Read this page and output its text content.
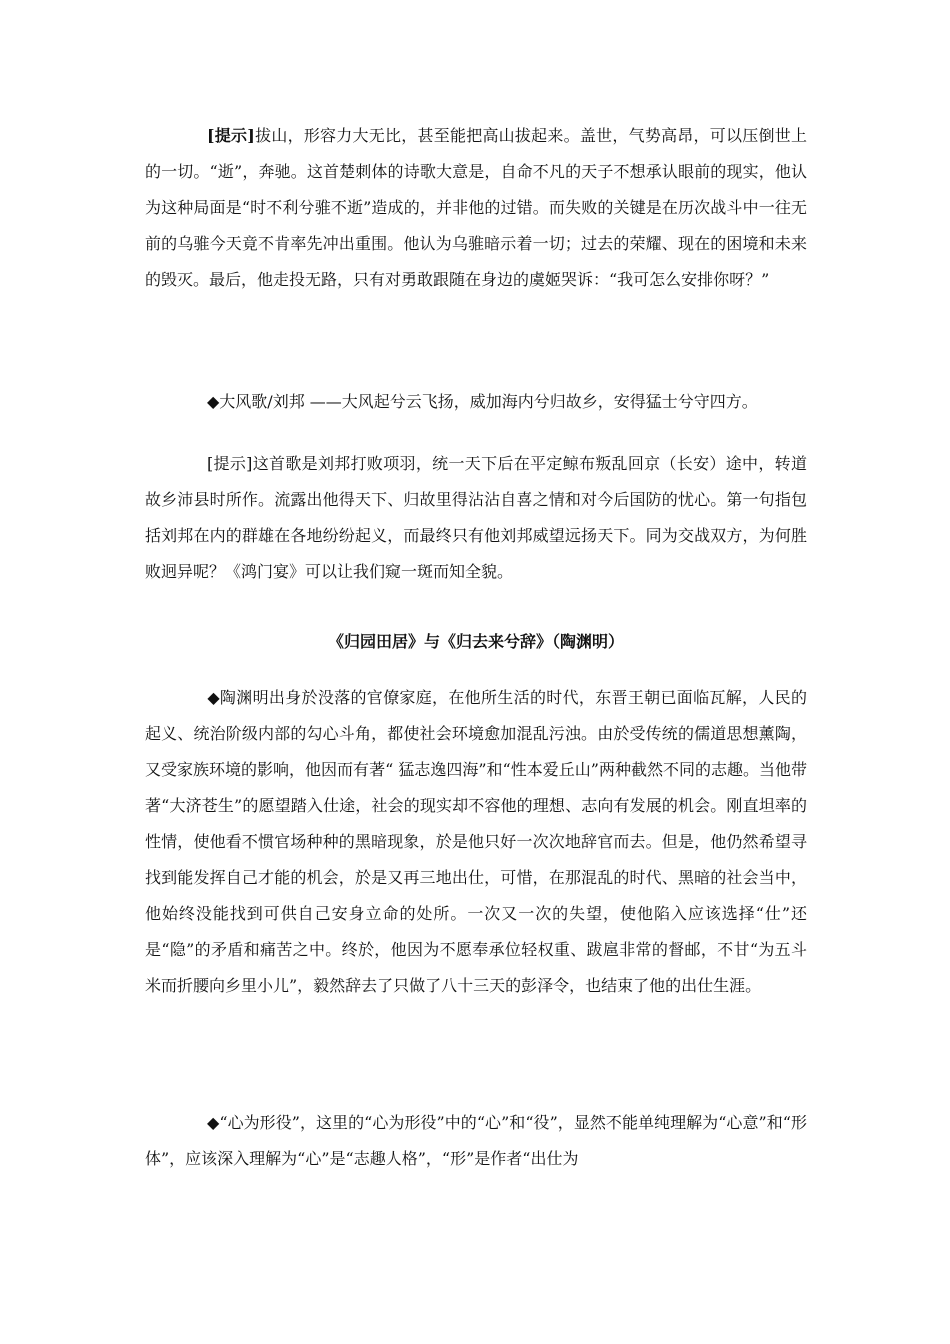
[提示]拔山，形容力大无比，甚至能把高山拔起来。盖世，气势高昂，可以压倒世上的一切。“逝”，奔驰。这首楚刺体的诗歌大意是，自命不凡的天子不想承认眼前的现实，他认为这种局面是“时不利兮骓不逝”造成的，并非他的过错。而失败的关键是在历次战斗中一往无前的乌骓今天竟不肯率先冲出重围。他认为乌骓暗示着一切；过去的荣耀、现在的困境和未来的毁灭。最后，他走投无路，只有对勇敢跟随在身边的虞姬哭诉：“我可怎么安排你呀？”

◆大风歌/刘邦 ——大风起兮云飞扬，威加海内兮归故乡，安得猛士兮守四方。

[提示]这首歌是刘邦打败项羽，统一天下后在平定鲸布叛乱回京（长安）途中，转道故乡沛县时所作。流露出他得天下、归故里得沾沾自喜之情和对今后国防的忧心。第一句指包括刘邦在内的群雄在各地纷纷起义，而最终只有他刘邦威望远扬天下。同为交战双方，为何胜败迥异呢？《鸿门宴》可以让我们窥一斑而知全貌。

《归园田居》与《归去来兮辞》（陶渊明）

◆陶渊明出身於没落的官僚家庭，在他所生活的时代，东晋王朝已面临瓦解，人民的起义、统治阶级内部的勾心斗角，都使社会环境愈加混乱污浊。由於受传统的儒道思想薰陶，又受家族环境的影响，他因而有著“ 猛志逸四海”和“性本爱丘山”两种截然不同的志趣。当他带著“大济苍生”的愿望踏入仕途，社会的现实却不容他的理想、志向有发展的机会。刚直坦率的性情，使他看不惯官场种种的黑暗现象，於是他只好一次次地辞官而去。但是，他仍然希望寻找到能发挥自己才能的机会，於是又再三地出仕，可惜，在那混乱的时代、黑暗的社会当中，他始终没能找到可供自己安身立命的处所。一次又一次的失望，使他陷入应该选择“仕”还是“隐”的矛盾和痛苦之中。终於，他因为不愿奉承位轻权重、跋扈非常的督邮，不甘“为五斗米而折腰向乡里小儿”，毅然辞去了只做了八十三天的彭泽令，也结束了他的出仕生涯。

◆“心为形役”，这里的“心为形役”中的“心”和“役”，显然不能单纯理解为“心意”和“形体”，应该深入理解为“心”是“志趣人格”，“形”是作者“出仕为
